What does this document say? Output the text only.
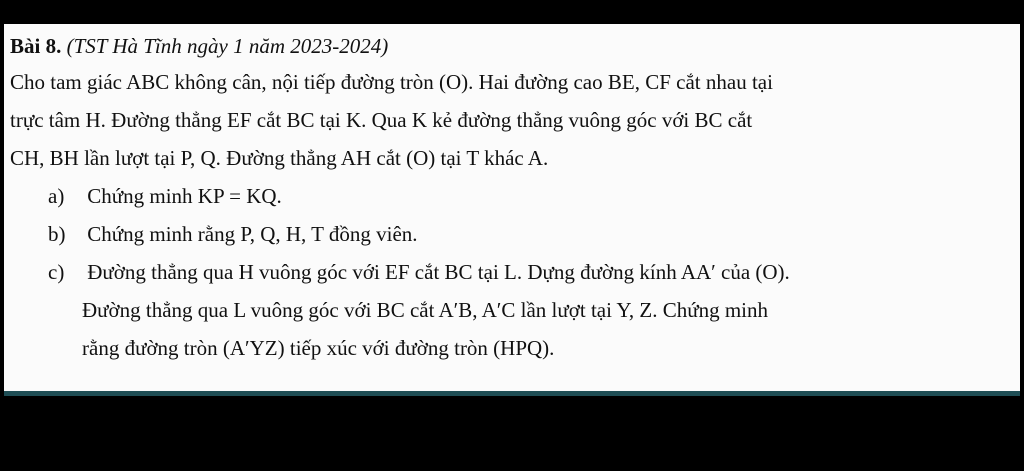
Bài 8. (TST Hà Tĩnh ngày 1 năm 2023-2024)
Cho tam giác ABC không cân, nội tiếp đường tròn (O). Hai đường cao BE, CF cắt nhau tại
trực tâm H. Đường thẳng EF cắt BC tại K. Qua K kẻ đường thẳng vuông góc với BC cắt
CH, BH lần lượt tại P, Q. Đường thẳng AH cắt (O) tại T khác A.
a) Chứng minh KP = KQ.
b) Chứng minh rằng P, Q, H, T đồng viên.
c) Đường thẳng qua H vuông góc với EF cắt BC tại L. Dựng đường kính AA′ của (O).
Đường thẳng qua L vuông góc với BC cắt A′B, A′C lần lượt tại Y, Z. Chứng minh
rằng đường tròn (A′YZ) tiếp xúc với đường tròn (HPQ).
